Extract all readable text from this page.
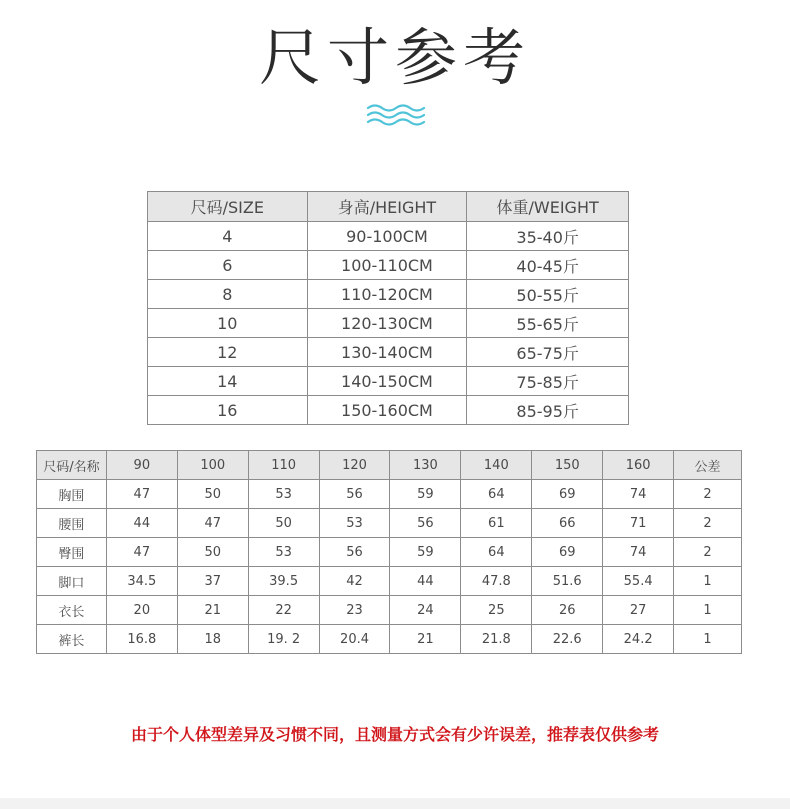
尺寸参考
尺码/SIZE	身高/HEIGHT	体重/WEIGHT
4	90-100CM	35-40斤
6	100-110CM	40-45斤
8	110-120CM	50-55斤
10	120-130CM	55-65斤
12	130-140CM	65-75斤
14	140-150CM	75-85斤
16	150-160CM	85-95斤
尺码/名称	90	100	110	120	130	140	150	160	公差
胸围	47	50	53	56	59	64	69	74	2
腰围	44	47	50	53	56	61	66	71	2
臀围	47	50	53	56	59	64	69	74	2
脚口	34.5	37	39.5	42	44	47.8	51.6	55.4	1
衣长	20	21	22	23	24	25	26	27	1
裤长	16.8	18	19. 2	20.4	21	21.8	22.6	24.2	1
由于个人体型差异及习惯不同，且测量方式会有少许误差，推荐表仅供参考
